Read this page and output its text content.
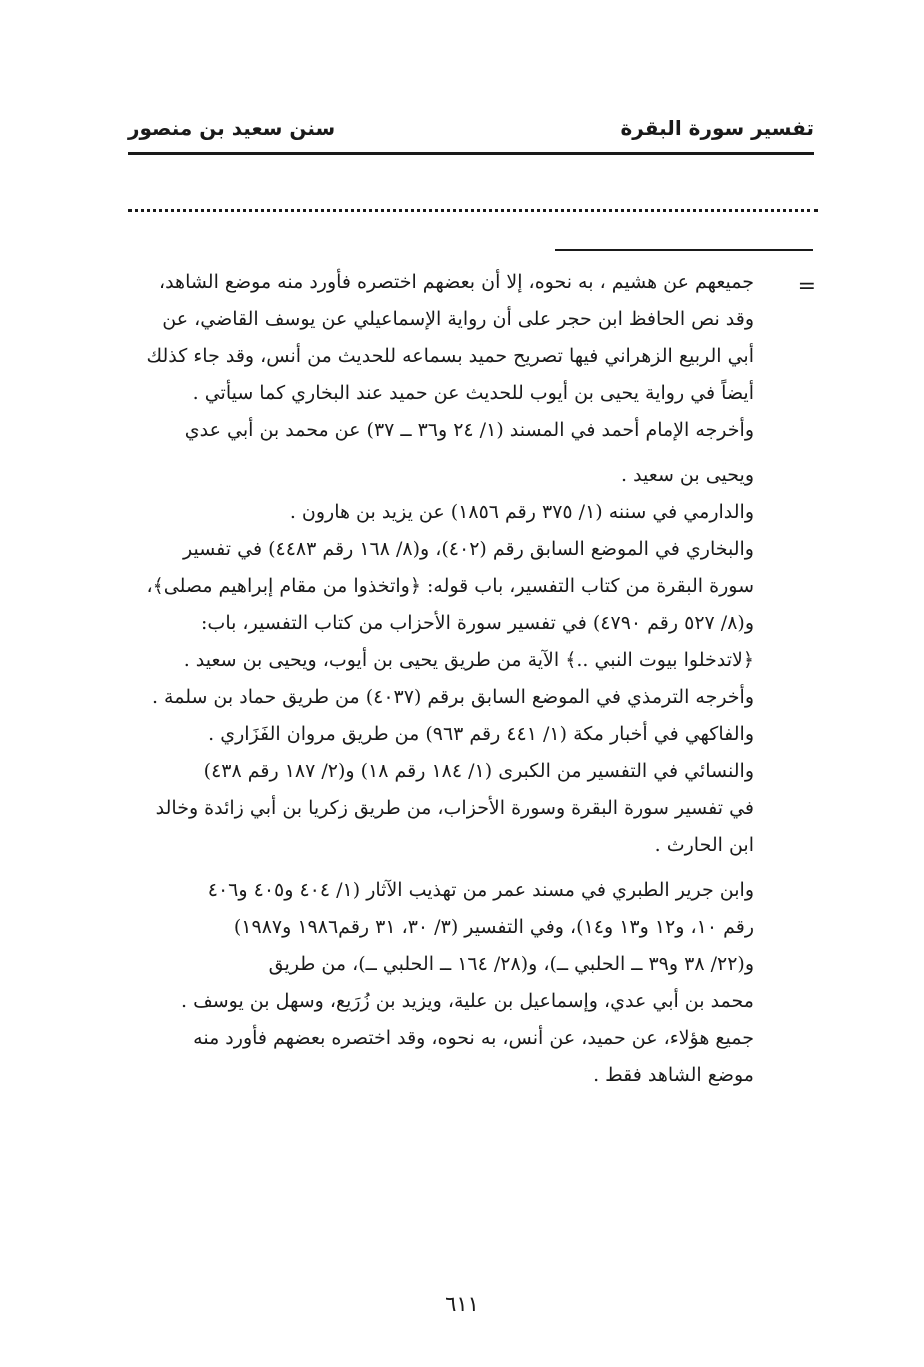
تفسير سورة البقرة
سنن سعيد بن منصور
=
جميعهم عن هشيم ، به نحوه، إلا أن بعضهم اختصره فأورد منه موضع الشاهد،
وقد نص الحافظ ابن حجر على أن رواية الإسماعيلي عن يوسف القاضي، عن
أبي الربيع الزهراني فيها تصريح حميد بسماعه للحديث من أنس، وقد جاء كذلك
أيضاً في رواية يحيى بن أيوب للحديث عن حميد عند البخاري كما سيأتي .
وأخرجه الإمام أحمد في المسند (١/ ٢٤ و٣٦ ــ ٣٧) عن محمد بن أبي عدي
ويحيى بن سعيد .
والدارمي في سننه (١/ ٣٧٥ رقم ١٨٥٦) عن يزيد بن هارون .
والبخاري في الموضع السابق رقم (٤٠٢)، و(٨/ ١٦٨ رقم ٤٤٨٣) في تفسير
سورة البقرة من كتاب التفسير، باب قوله: ﴿واتخذوا من مقام إبراهيم مصلى﴾،
و(٨/ ٥٢٧ رقم ٤٧٩٠) في تفسير سورة الأحزاب من كتاب التفسير، باب:
﴿لاتدخلوا بيوت النبي ..﴾ الآية من طريق يحيى بن أيوب، ويحيى بن سعيد .
وأخرجه الترمذي في الموضع السابق برقم (٤٠٣٧) من طريق حماد بن سلمة .
والفاكهي في أخبار مكة (١/ ٤٤١ رقم ٩٦٣) من طريق مروان الفَزَاري .
والنسائي في التفسير من الكبرى (١/ ١٨٤ رقم ١٨) و(٢/ ١٨٧ رقم ٤٣٨)
في تفسير سورة البقرة وسورة الأحزاب، من طريق زكريا بن أبي زائدة وخالد
ابن الحارث .
وابن جرير الطبري في مسند عمر من تهذيب الآثار (١/ ٤٠٤ و٤٠٥ و٤٠٦
رقم ١٠، و١٢ و١٣ و١٤)، وفي التفسير (٣/ ٣٠، ٣١ رقم١٩٨٦ و١٩٨٧)
و(٢٢/ ٣٨ و٣٩ ــ الحلبي ــ)، و(٢٨/ ١٦٤ ــ الحلبي ــ)، من طريق
محمد بن أبي عدي، وإسماعيل بن علية، ويزيد بن زُرَيع، وسهل بن يوسف .
جميع هؤلاء، عن حميد، عن أنس، به نحوه، وقد اختصره بعضهم فأورد منه
موضع الشاهد فقط .
٦١١
